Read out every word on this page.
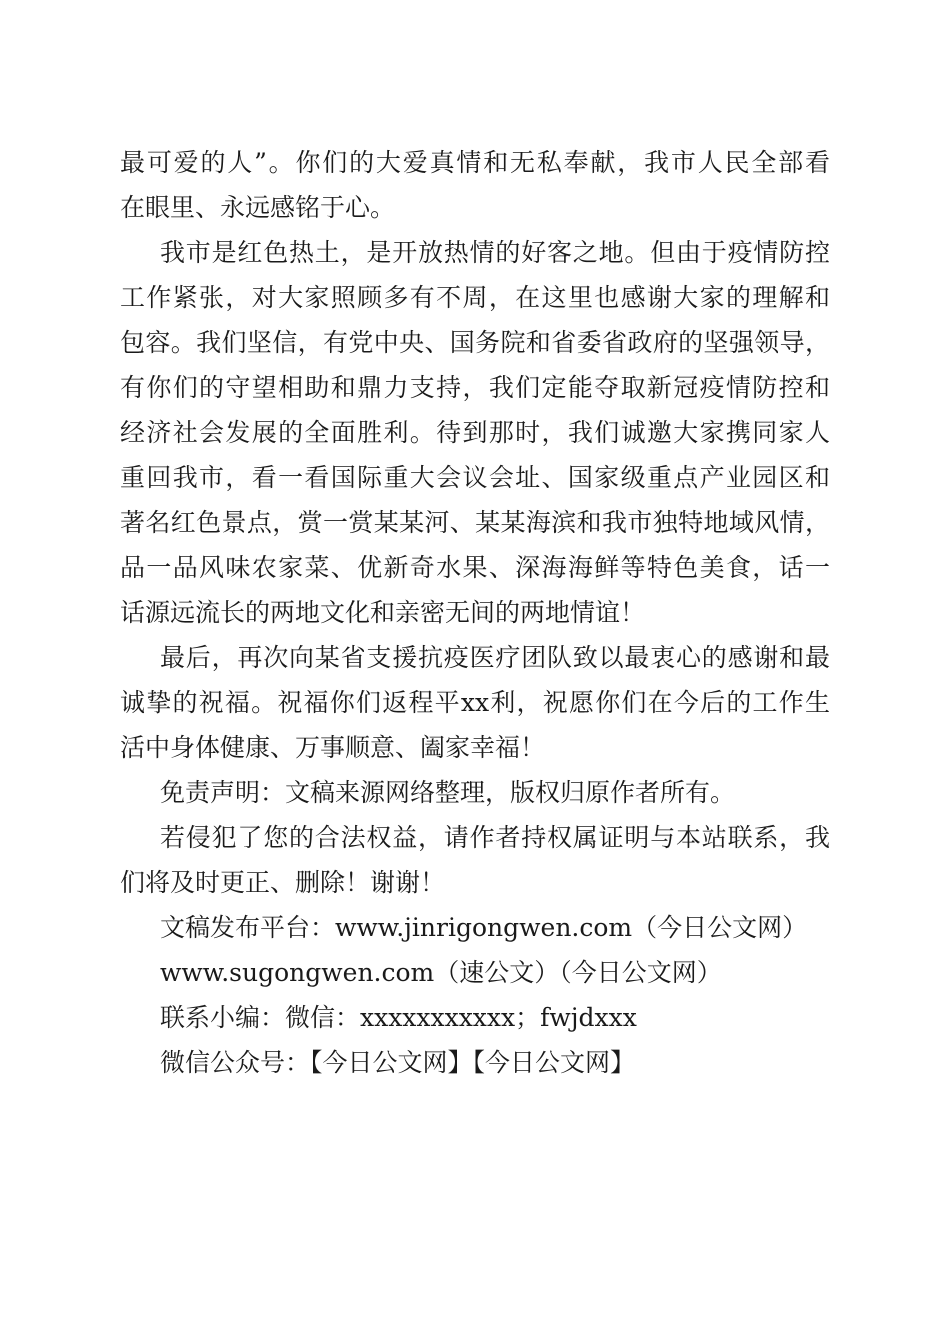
最可爱的人”。你们的大爱真情和无私奉献，我市人民全部看
在眼里、永远感铭于心。
我市是红色热土，是开放热情的好客之地。但由于疫情防控
工作紧张，对大家照顾多有不周，在这里也感谢大家的理解和
包容。我们坚信，有党中央、国务院和省委省政府的坚强领导，
有你们的守望相助和鼎力支持，我们定能夺取新冠疫情防控和
经济社会发展的全面胜利。待到那时，我们诚邀大家携同家人
重回我市，看一看国际重大会议会址、国家级重点产业园区和
著名红色景点，赏一赏某某河、某某海滨和我市独特地域风情，
品一品风味农家菜、优新奇水果、深海海鲜等特色美食，话一
话源远流长的两地文化和亲密无间的两地情谊！
最后，再次向某省支援抗疫医疗团队致以最衷心的感谢和最
诚挚的祝福。祝福你们返程平xx利，祝愿你们在今后的工作生
活中身体健康、万事顺意、阖家幸福！
免责声明：文稿来源网络整理，版权归原作者所有。
若侵犯了您的合法权益，请作者持权属证明与本站联系，我
们将及时更正、删除！谢谢！
文稿发布平台：www.jinrigongwen.com（今日公文网）
www.sugongwen.com（速公文）（今日公文网）
联系小编：微信：xxxxxxxxxxx；fwjdxxx
微信公众号：【今日公文网】【今日公文网】
